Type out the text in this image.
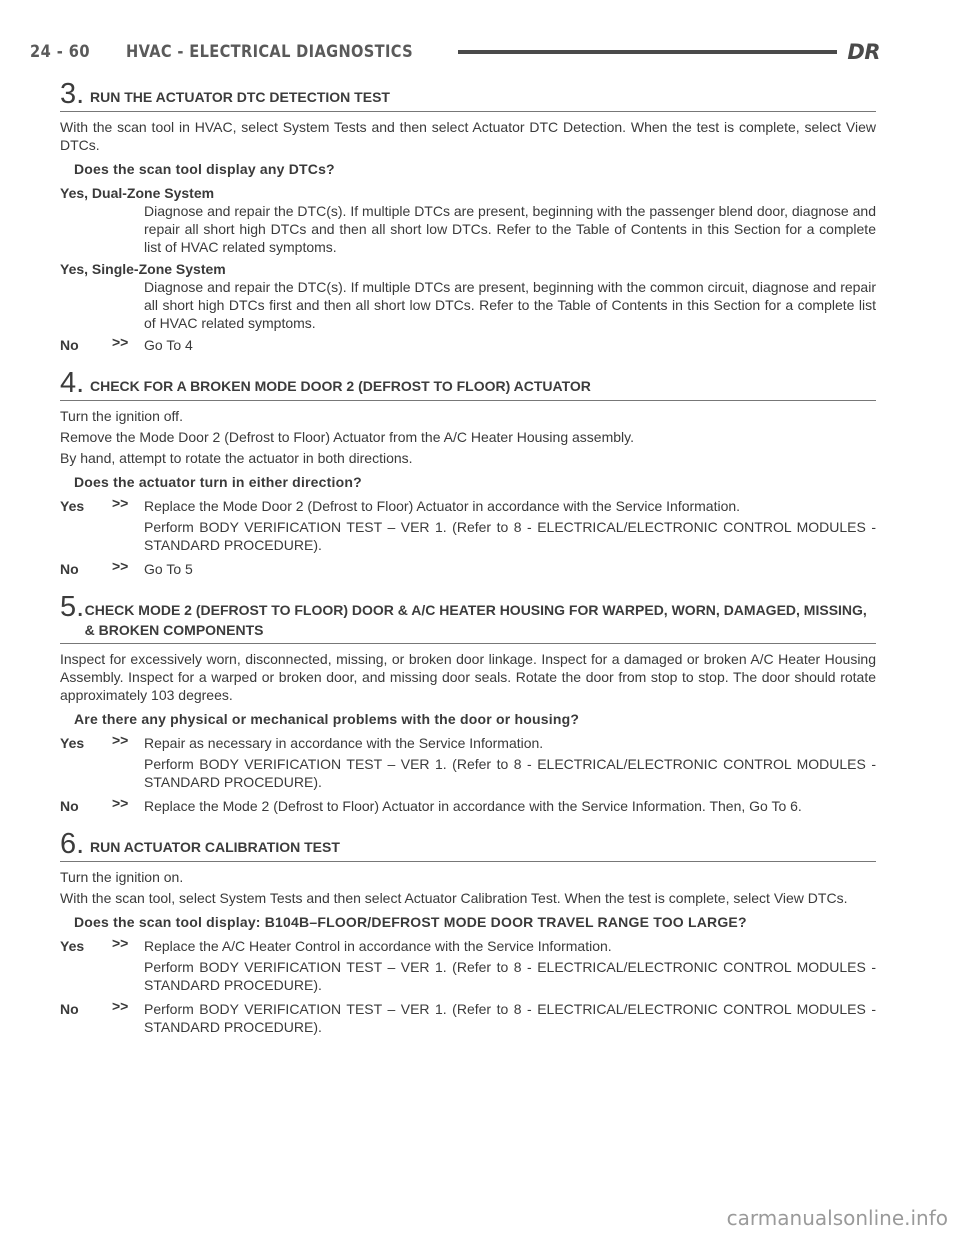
24 - 60	HVAC - ELECTRICAL DIAGNOSTICS	DR
3. RUN THE ACTUATOR DTC DETECTION TEST
With the scan tool in HVAC, select System Tests and then select Actuator DTC Detection. When the test is complete, select View DTCs.
Does the scan tool display any DTCs?
Yes, Dual-Zone System
Diagnose and repair the DTC(s). If multiple DTCs are present, beginning with the passenger blend door, diagnose and repair all short high DTCs and then all short low DTCs. Refer to the Table of Contents in this Section for a complete list of HVAC related symptoms.
Yes, Single-Zone System
Diagnose and repair the DTC(s). If multiple DTCs are present, beginning with the common circuit, diagnose and repair all short high DTCs first and then all short low DTCs. Refer to the Table of Contents in this Section for a complete list of HVAC related symptoms.
No	>>	Go To 4
4. CHECK FOR A BROKEN MODE DOOR 2 (DEFROST TO FLOOR) ACTUATOR
Turn the ignition off.
Remove the Mode Door 2 (Defrost to Floor) Actuator from the A/C Heater Housing assembly.
By hand, attempt to rotate the actuator in both directions.
Does the actuator turn in either direction?
Yes	>>	Replace the Mode Door 2 (Defrost to Floor) Actuator in accordance with the Service Information.
Perform BODY VERIFICATION TEST – VER 1. (Refer to 8 - ELECTRICAL/ELECTRONIC CONTROL MODULES - STANDARD PROCEDURE).
No	>>	Go To 5
5. CHECK MODE 2 (DEFROST TO FLOOR) DOOR & A/C HEATER HOUSING FOR WARPED, WORN, DAMAGED, MISSING, & BROKEN COMPONENTS
Inspect for excessively worn, disconnected, missing, or broken door linkage. Inspect for a damaged or broken A/C Heater Housing Assembly. Inspect for a warped or broken door, and missing door seals. Rotate the door from stop to stop. The door should rotate approximately 103 degrees.
Are there any physical or mechanical problems with the door or housing?
Yes	>>	Repair as necessary in accordance with the Service Information.
Perform BODY VERIFICATION TEST – VER 1. (Refer to 8 - ELECTRICAL/ELECTRONIC CONTROL MODULES - STANDARD PROCEDURE).
No	>>	Replace the Mode 2 (Defrost to Floor) Actuator in accordance with the Service Information. Then, Go To 6.
6. RUN ACTUATOR CALIBRATION TEST
Turn the ignition on.
With the scan tool, select System Tests and then select Actuator Calibration Test. When the test is complete, select View DTCs.
Does the scan tool display: B104B–FLOOR/DEFROST MODE DOOR TRAVEL RANGE TOO LARGE?
Yes	>>	Replace the A/C Heater Control in accordance with the Service Information.
Perform BODY VERIFICATION TEST – VER 1. (Refer to 8 - ELECTRICAL/ELECTRONIC CONTROL MODULES - STANDARD PROCEDURE).
No	>>	Perform BODY VERIFICATION TEST – VER 1. (Refer to 8 - ELECTRICAL/ELECTRONIC CONTROL MODULES - STANDARD PROCEDURE).
carmanualsonline.info
